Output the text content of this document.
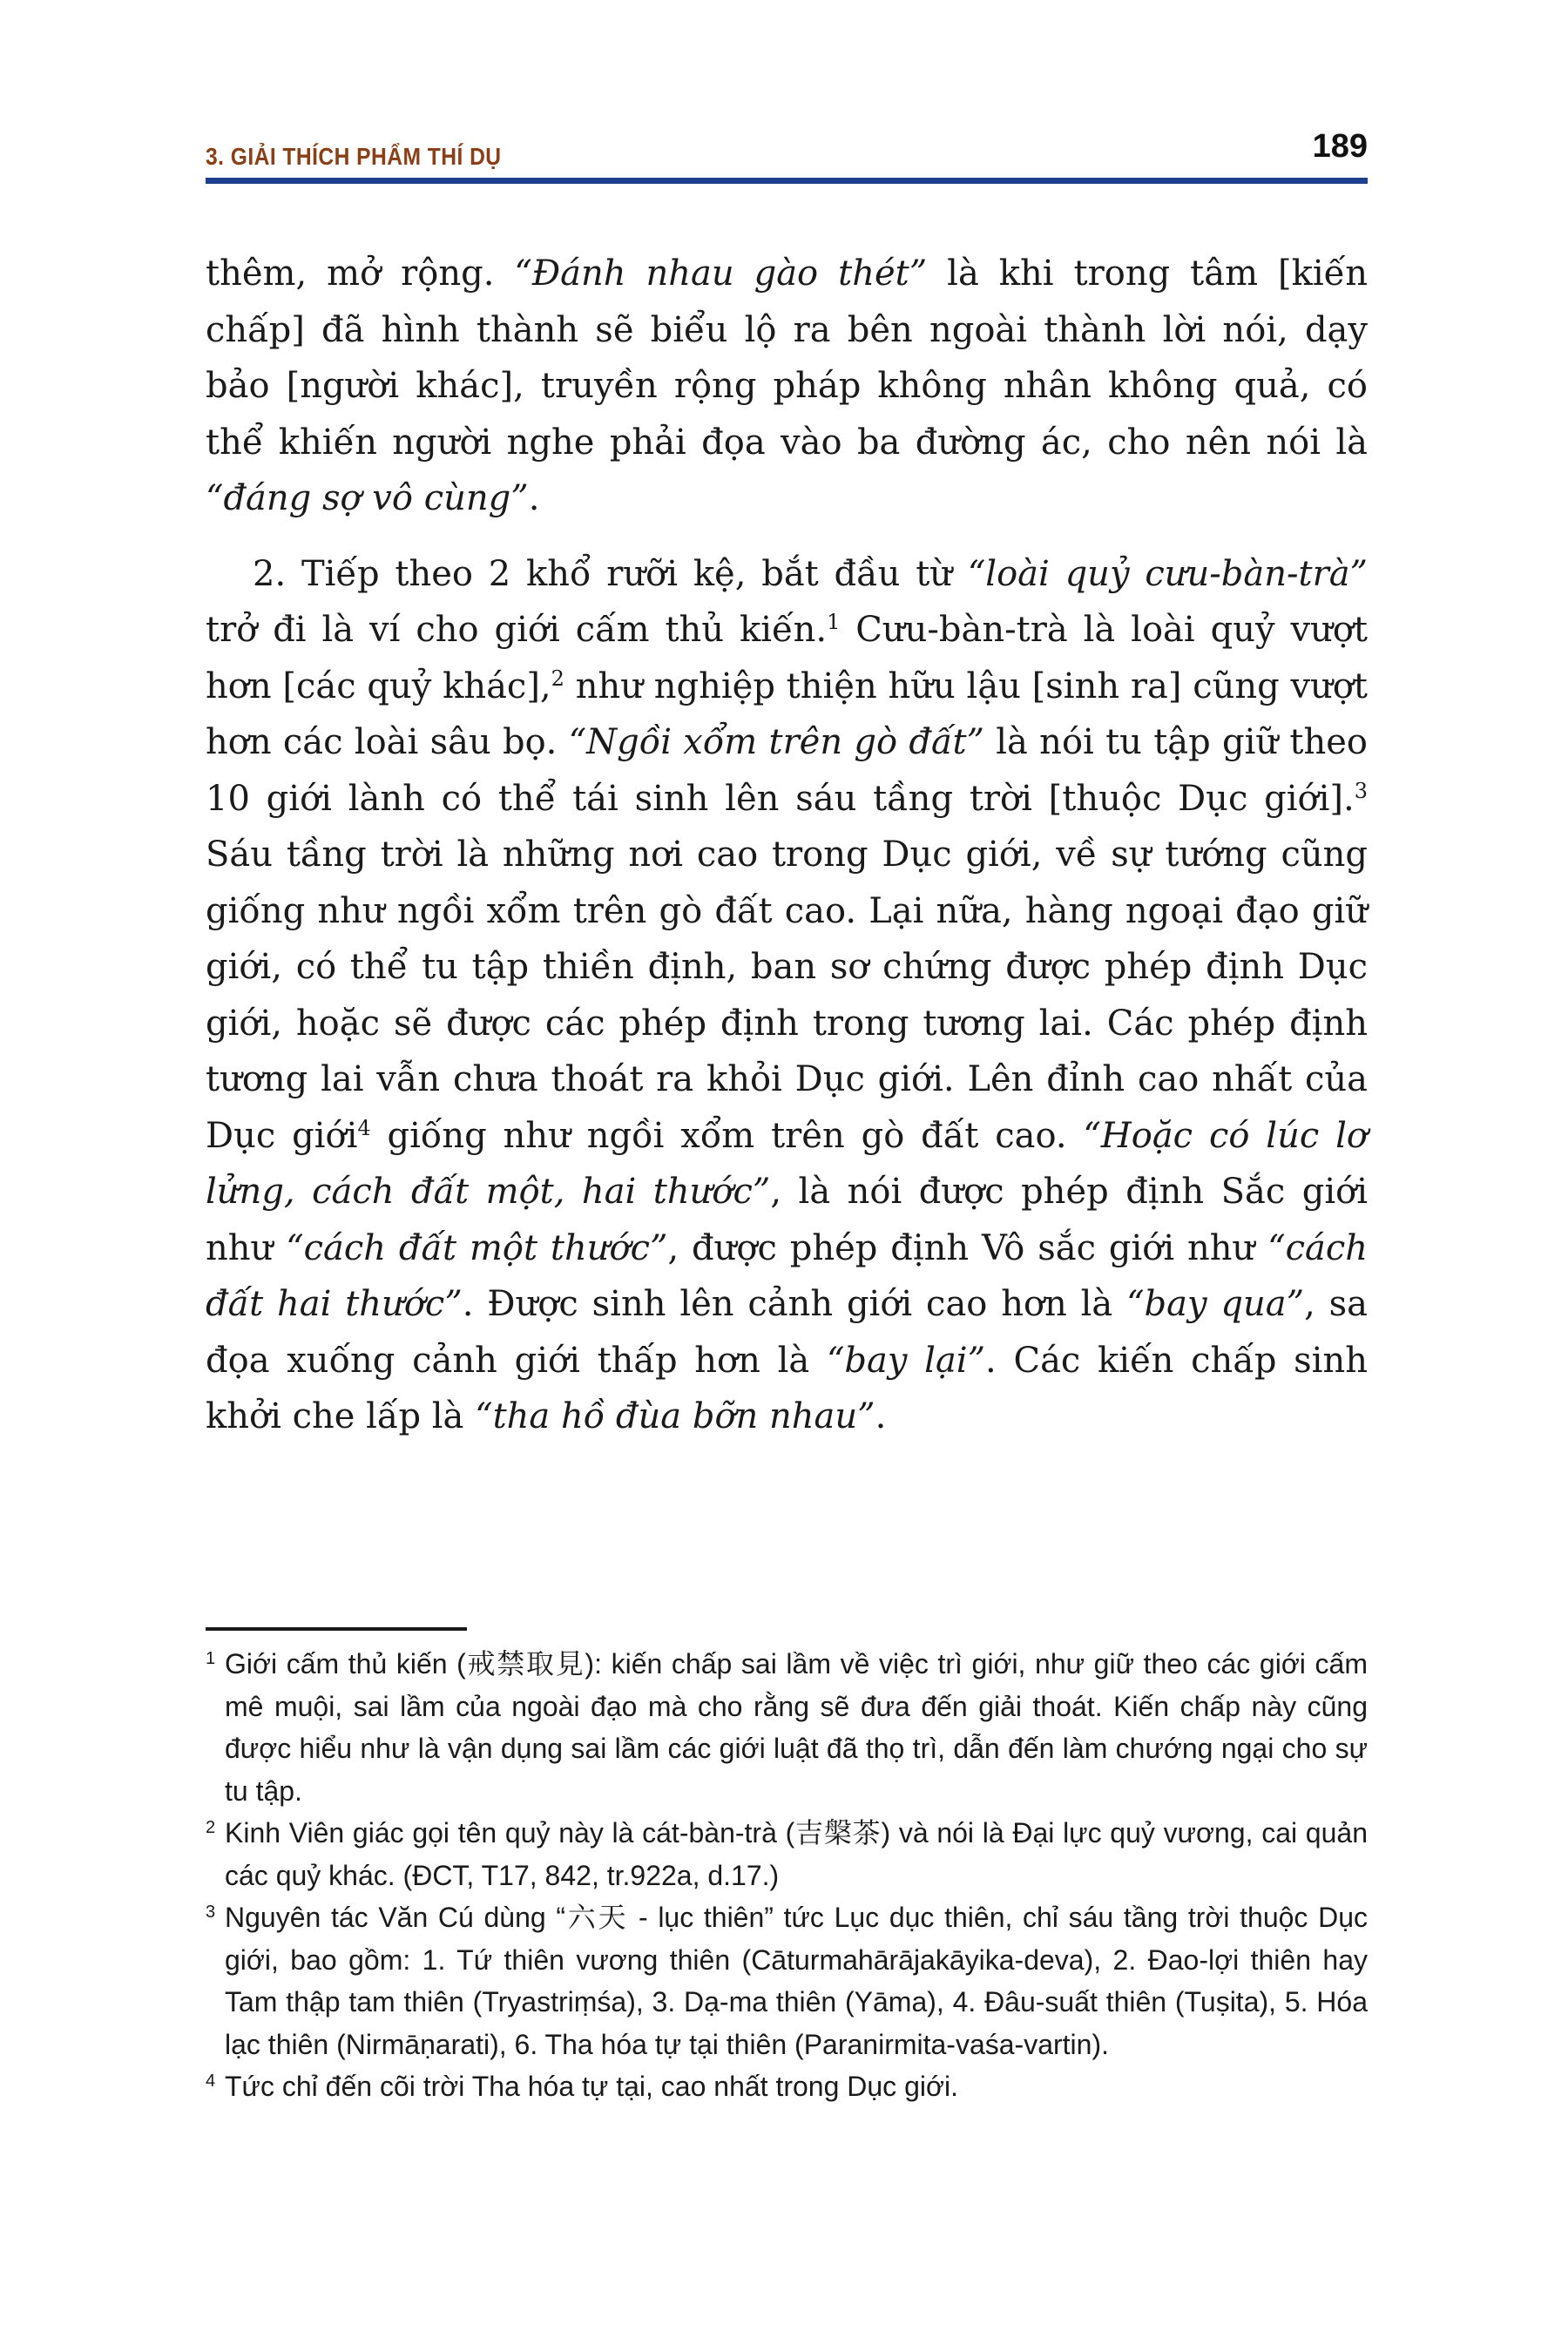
3. GIẢI THÍCH PHẨM THÍ DỤ	189

thêm, mở rộng. “Đánh nhau gào thét” là khi trong tâm [kiến chấp] đã hình thành sẽ biểu lộ ra bên ngoài thành lời nói, dạy bảo [người khác], truyền rộng pháp không nhân không quả, có thể khiến người nghe phải đọa vào ba đường ác, cho nên nói là “đáng sợ vô cùng”.

2. Tiếp theo 2 khổ rưỡi kệ, bắt đầu từ “loài quỷ cưu-bàn-trà” trở đi là ví cho giới cấm thủ kiến.$^1$ Cưu-bàn-trà là loài quỷ vượt hơn [các quỷ khác],$^2$ như nghiệp thiện hữu lậu [sinh ra] cũng vượt hơn các loài sâu bọ. “Ngồi xổm trên gò đất” là nói tu tập giữ theo 10 giới lành có thể tái sinh lên sáu tầng trời [thuộc Dục giới].$^3$ Sáu tầng trời là những nơi cao trong Dục giới, về sự tướng cũng giống như ngồi xổm trên gò đất cao. Lại nữa, hàng ngoại đạo giữ giới, có thể tu tập thiền định, ban sơ chứng được phép định Dục giới, hoặc sẽ được các phép định trong tương lai. Các phép định tương lai vẫn chưa thoát ra khỏi Dục giới. Lên đỉnh cao nhất của Dục giới$^4$ giống như ngồi xổm trên gò đất cao. “Hoặc có lúc lơ lửng, cách đất một, hai thước”, là nói được phép định Sắc giới như “cách đất một thước”, được phép định Vô sắc giới như “cách đất hai thước”. Được sinh lên cảnh giới cao hơn là “bay qua”, sa đọa xuống cảnh giới thấp hơn là “bay lại”. Các kiến chấp sinh khởi che lấp là “tha hồ đùa bỡn nhau”.

1 Giới cấm thủ kiến (戒禁取見): kiến chấp sai lầm về việc trì giới, như giữ theo các giới cấm mê muội, sai lầm của ngoài đạo mà cho rằng sẽ đưa đến giải thoát. Kiến chấp này cũng được hiểu như là vận dụng sai lầm các giới luật đã thọ trì, dẫn đến làm chướng ngại cho sự tu tập.
2 Kinh Viên giác gọi tên quỷ này là cát-bàn-trà (吉槃茶) và nói là Đại lực quỷ vương, cai quản các quỷ khác. (ĐCT, T17, 842, tr.922a, d.17.)
3 Nguyên tác Văn Cú dùng “六天 - lục thiên” tức Lục dục thiên, chỉ sáu tầng trời thuộc Dục giới, bao gồm: 1. Tứ thiên vương thiên (Cāturmahārājakāyika-deva), 2. Đao-lợi thiên hay Tam thập tam thiên (Tryastriṃśa), 3. Dạ-ma thiên (Yāma), 4. Đâu-suất thiên (Tuṣita), 5. Hóa lạc thiên (Nirmāṇarati), 6. Tha hóa tự tại thiên (Paranirmita-vaśa-vartin).
4 Tức chỉ đến cõi trời Tha hóa tự tại, cao nhất trong Dục giới.
